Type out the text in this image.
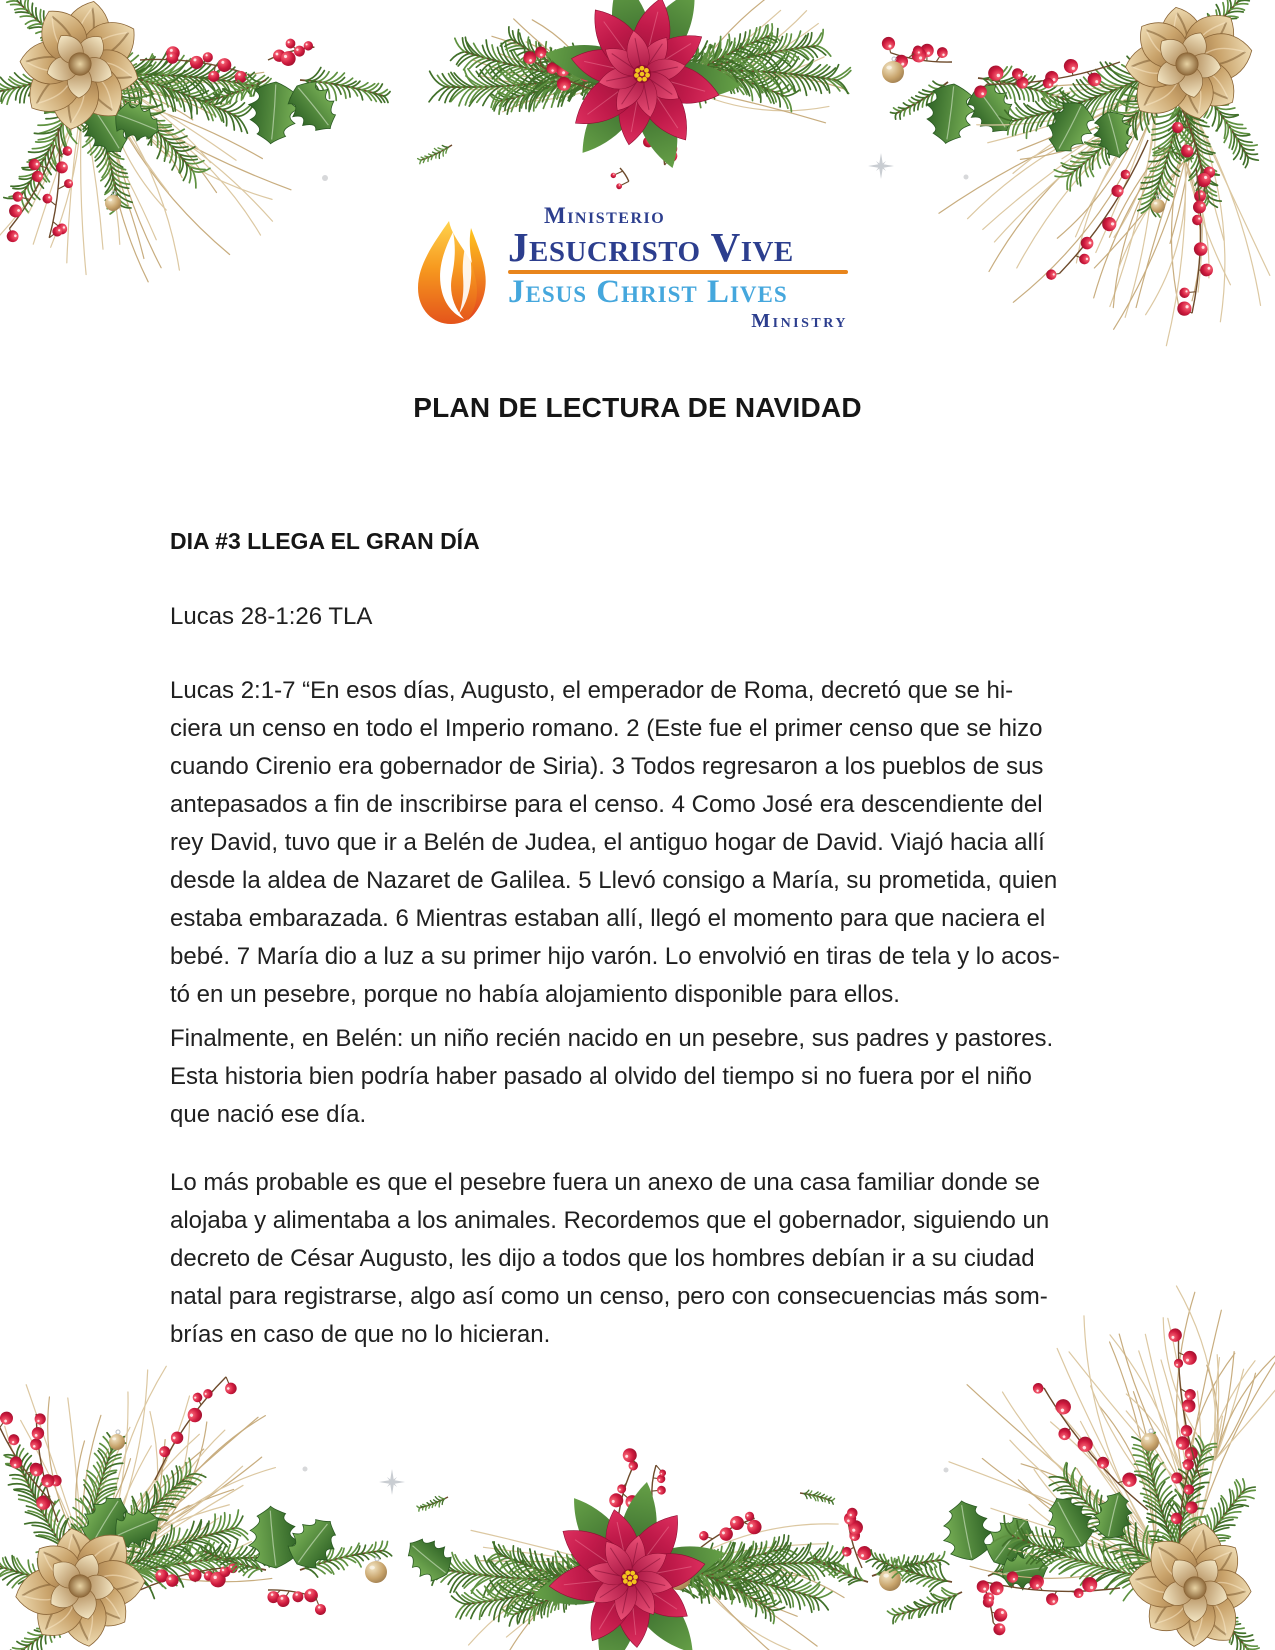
Ministerio
Jesucristo Vive
Jesus Christ Lives
Ministry
PLAN DE LECTURA DE NAVIDAD
DIA #3 LLEGA EL GRAN DÍA
Lucas 28-1:26 TLA
Lucas 2:1-7 “En esos días, Augusto, el emperador de Roma, decretó que se hi-
ciera un censo en todo el Imperio romano. 2 (Este fue el primer censo que se hizo
cuando Cirenio era gobernador de Siria). 3 Todos regresaron a los pueblos de sus
antepasados a fin de inscribirse para el censo. 4 Como José era descendiente del
rey David, tuvo que ir a Belén de Judea, el antiguo hogar de David. Viajó hacia allí
desde la aldea de Nazaret de Galilea. 5 Llevó consigo a María, su prometida, quien
estaba embarazada. 6 Mientras estaban allí, llegó el momento para que naciera el
bebé. 7 María dio a luz a su primer hijo varón. Lo envolvió en tiras de tela y lo acos-
tó en un pesebre, porque no había alojamiento disponible para ellos.
Finalmente, en Belén: un niño recién nacido en un pesebre, sus padres y pastores.
Esta historia bien podría haber pasado al olvido del tiempo si no fuera por el niño
que nació ese día.
Lo más probable es que el pesebre fuera un anexo de una casa familiar donde se
alojaba y alimentaba a los animales. Recordemos que el gobernador, siguiendo un
decreto de César Augusto, les dijo a todos que los hombres debían ir a su ciudad
natal para registrarse, algo así como un censo, pero con consecuencias más som-
brías en caso de que no lo hicieran.
